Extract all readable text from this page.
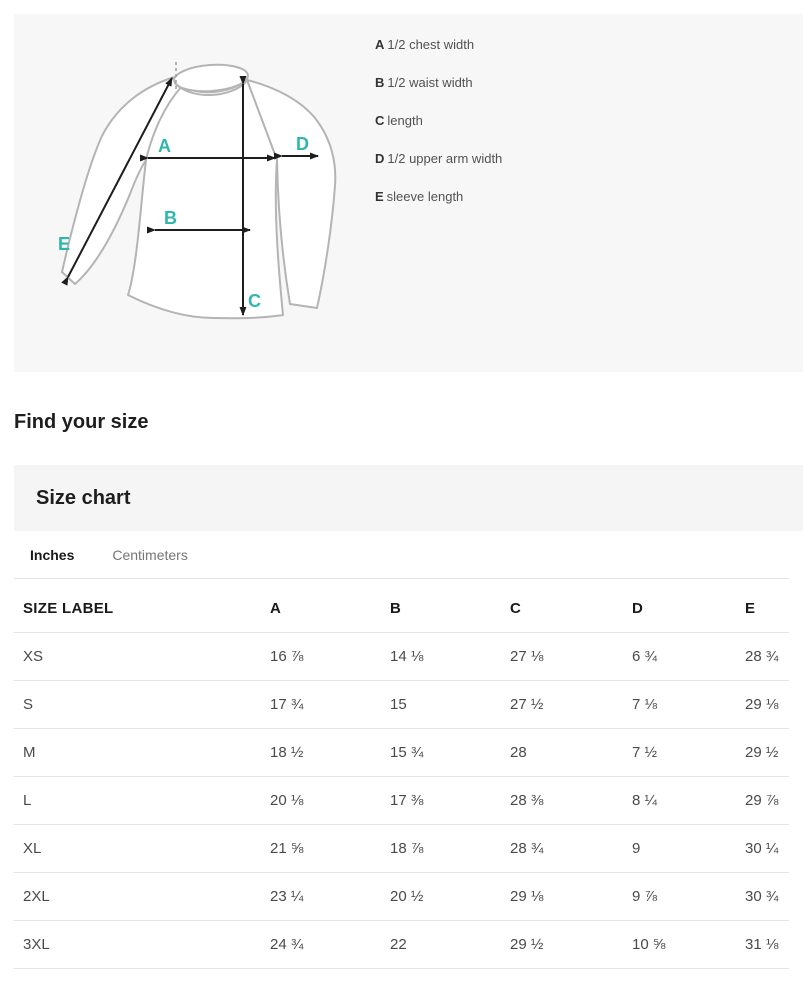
A
B
C
D
E
A 1/2 chest width
B 1/2 waist width
C length
D 1/2 upper arm width
E sleeve length
Find your size
Size chart
Inches	Centimeters
SIZE LABEL	A	B	C	D	E
XS	16 ⅞	14 ⅛	27 ⅛	6 ¾	28 ¾
S	17 ¾	15	27 ½	7 ⅛	29 ⅛
M	18 ½	15 ¾	28	7 ½	29 ½
L	20 ⅛	17 ⅜	28 ⅜	8 ¼	29 ⅞
XL	21 ⅝	18 ⅞	28 ¾	9	30 ¼
2XL	23 ¼	20 ½	29 ⅛	9 ⅞	30 ¾
3XL	24 ¾	22	29 ½	10 ⅝	31 ⅛
